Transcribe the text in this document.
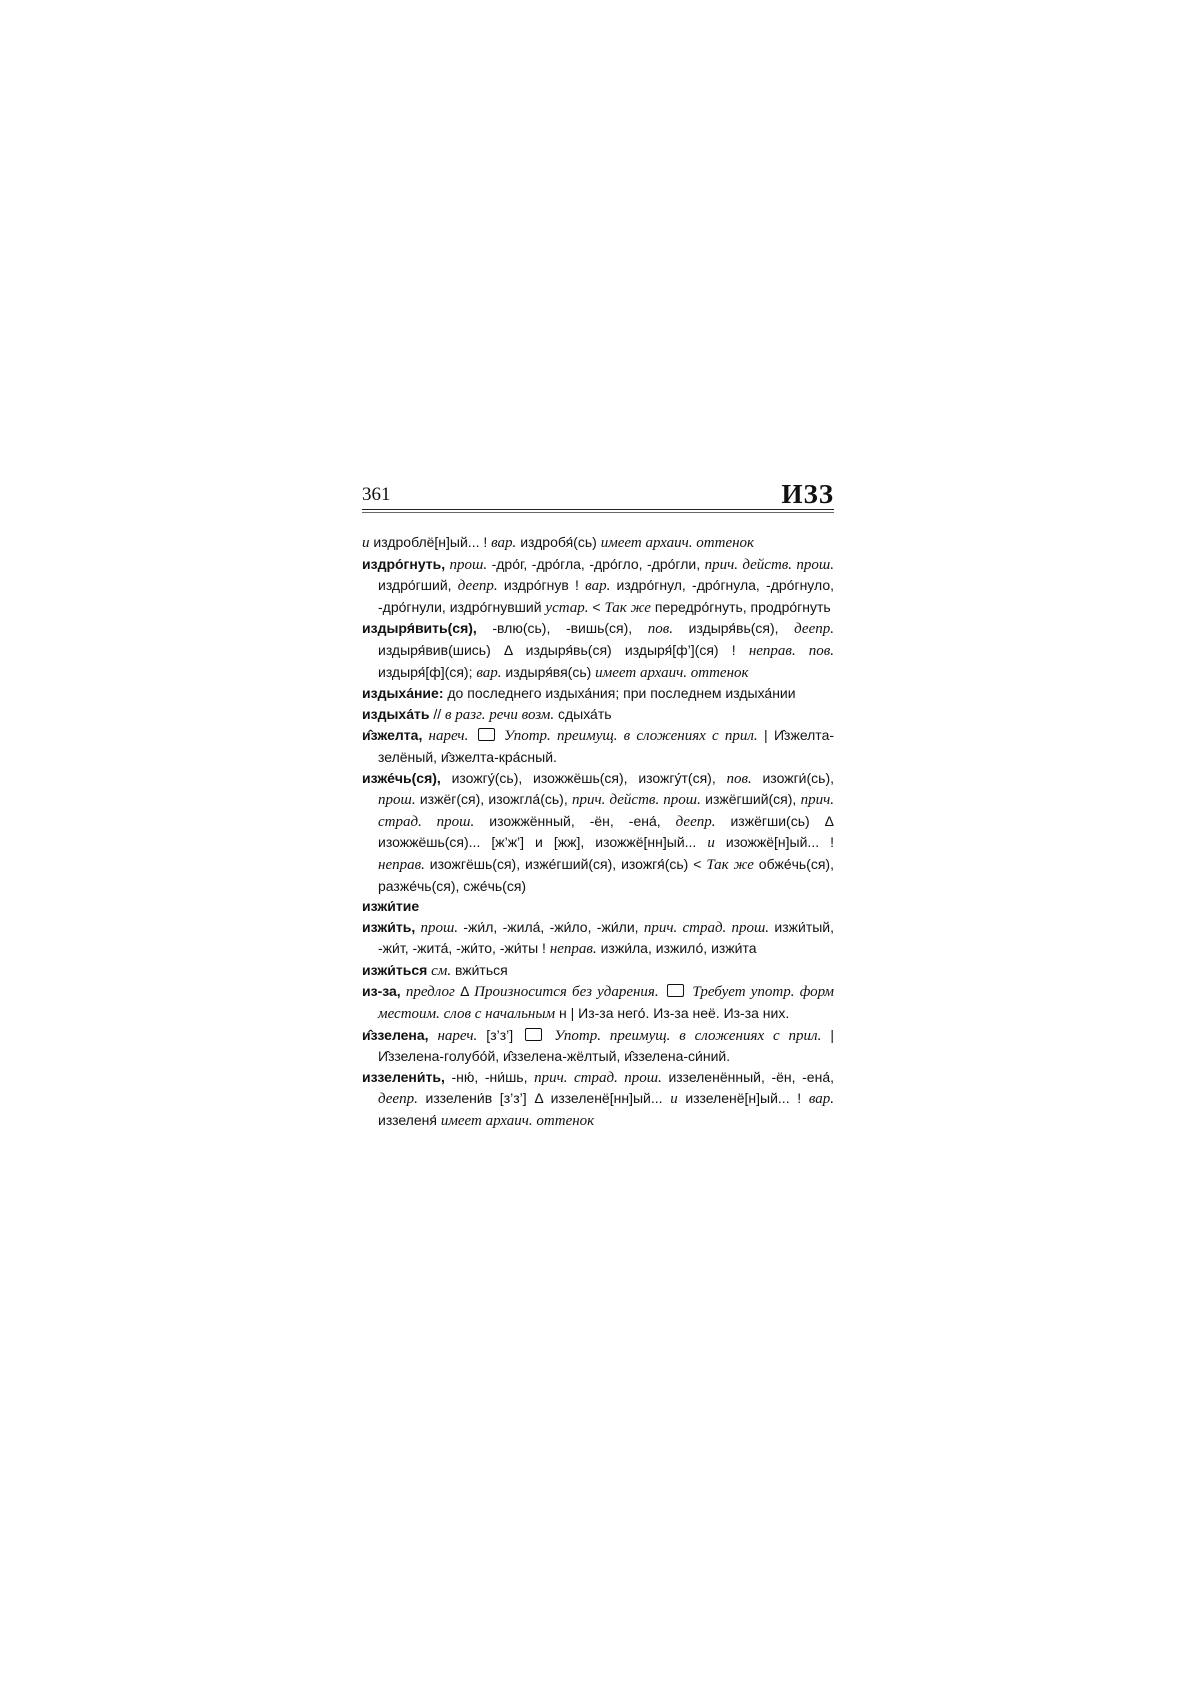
361	ИЗЗ

и издроблё[н]ый... ! вар. издробя́(сь) имеет архаич. оттенок

издро́гнуть, прош. -дро́г, -дро́гла, -дро́гло, -дро́гли, прич. действ. прош. издро́гший, деепр. издро́гнув ! вар. издро́гнул, -дро́гнула, -дро́гнуло, -дро́гнули, издро́гнувший устар. < Так же передро́гнуть, продро́гнуть

издыря́вить(ся), -влю(сь), -вишь(ся), пов. издыря́вь(ся), деепр. издыря́вив(шись) Δ издыря́вь(ся) издыря́[ф’](ся) ! неправ. пов. издыря́[ф](ся); вар. издыря́вя(сь) имеет архаич. оттенок

издыха́ние: до последнего издыха́ния; при последнем издыха́нии

издыха́ть // в разг. речи возм. сдыха́ть

и̂зжелта, нареч. Употр. преимущ. в сложениях с прил. | И̂зжелта-зелёный, и̂зжелта-кра́сный.

изже́чь(ся), изожгу́(сь), изожжёшь(ся), изожгу́т(ся), пов. изожги́(сь), прош. изжёг(ся), изожгла́(сь), прич. действ. прош. изжёгший(ся), прич. страд. прош. изожжённый, -ён, -ена́, деепр. изжёгши(сь) Δ изожжёшь(ся)... [ж’ж’] и [жж], изожжё[нн]ый... и изожжё[н]ый... ! неправ. изожгёшь(ся), изже́гший(ся), изожгя́(сь) < Так же обже́чь(ся), разже́чь(ся), сже́чь(ся)

изжи́тие

изжи́ть, прош. -жи́л, -жила́, -жи́ло, -жи́ли, прич. страд. прош. изжи́тый, -жи́т, -жита́, -жи́то, -жи́ты ! неправ. изжи́ла, изжило́, изжи́та

изжи́ться см. вжи́ться

из-за, предлог Δ Произносится без ударения. Требует употр. форм местоим. слов с начальным н | Из-за него́. Из-за неё. Из-за них.

и̂ззелена, нареч. [з’з’]  Употр. преимущ. в сложениях с прил. | И̂ззелена-голубо́й, и̂ззелена-жёлтый, и̂ззелена-си́ний.

иззелени́ть, -ню́, -ни́шь, прич. страд. прош. иззеленённый, -ён, -ена́, деепр. иззелени́в [з’з’] Δ иззеленё[нн]ый... и иззеленё[н]ый... ! вар. иззеленя́ имеет архаич. оттенок
